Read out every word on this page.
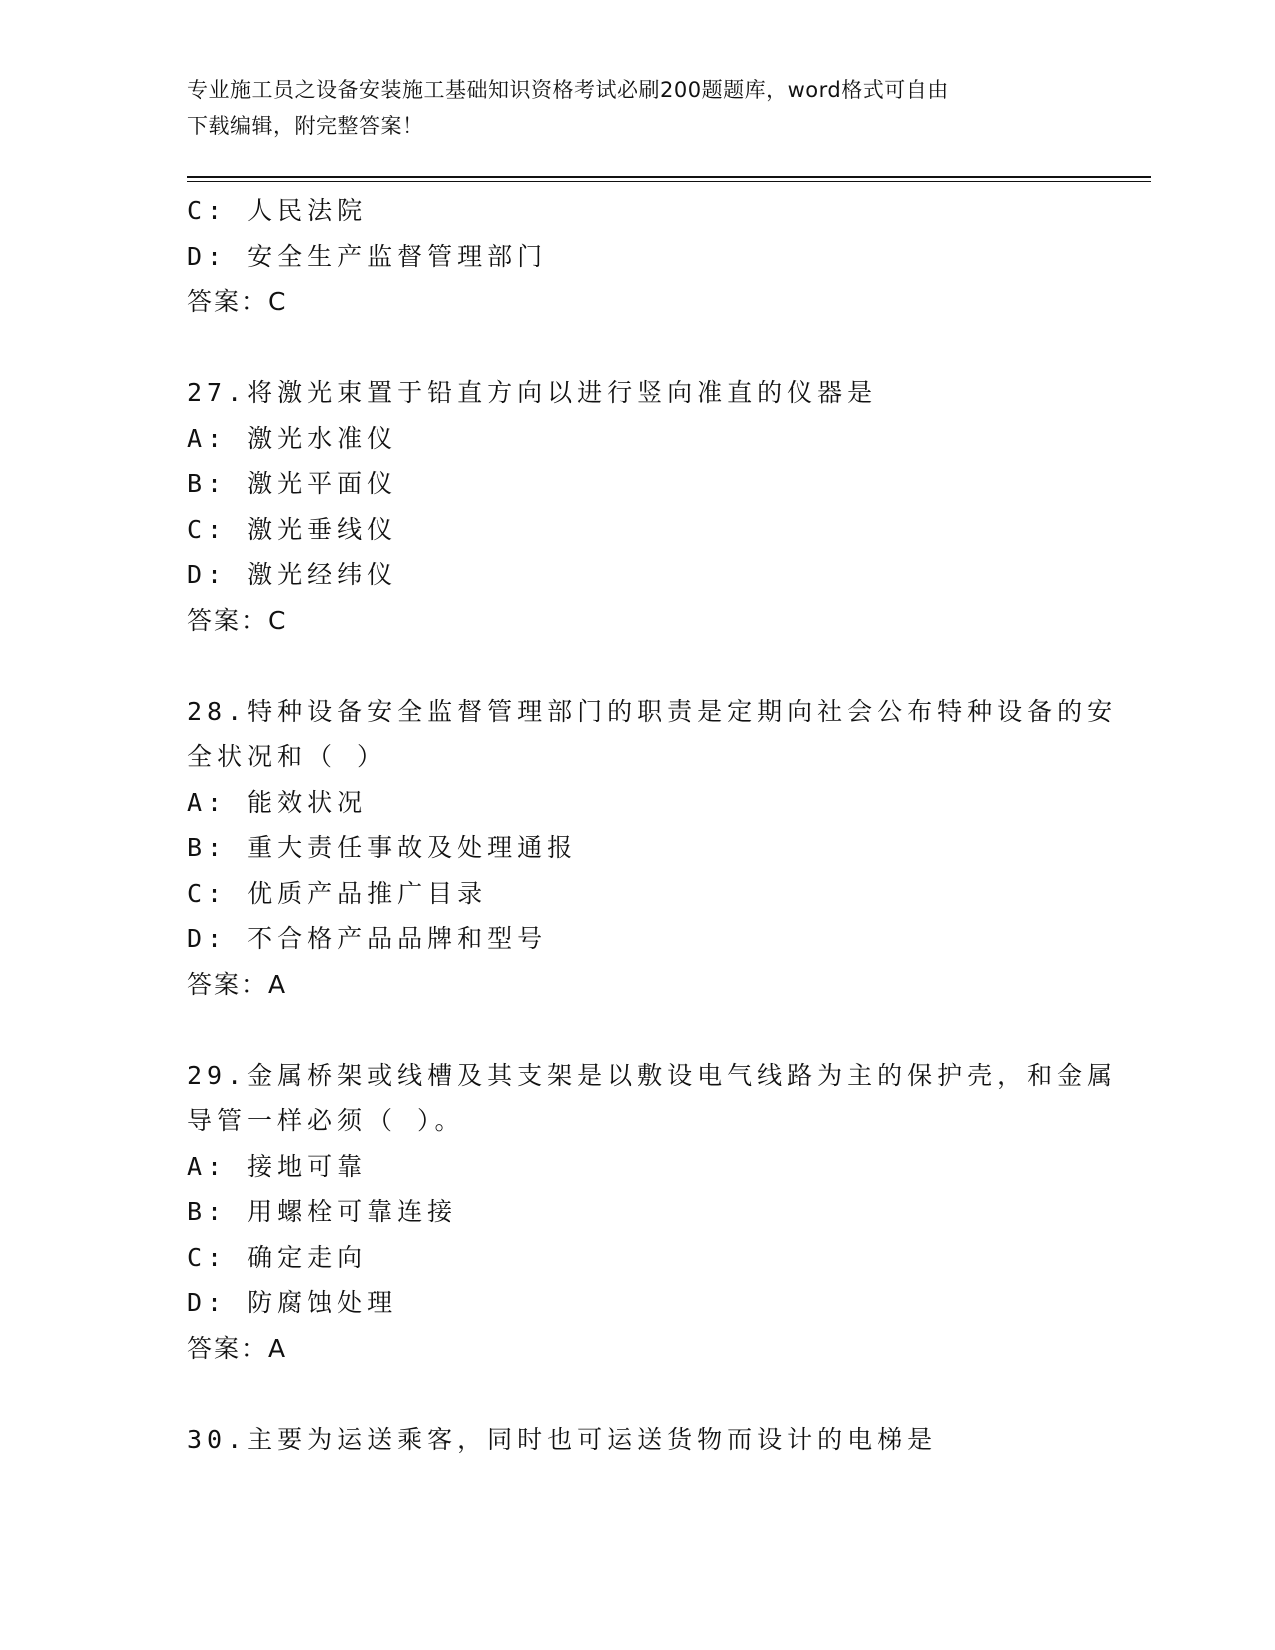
专业施工员之设备安装施工基础知识资格考试必刷200题题库，word格式可自由
下载编辑，附完整答案！
C: 人民法院
D: 安全生产监督管理部门
答案：C
27.将激光束置于铅直方向以进行竖向准直的仪器是
A: 激光水准仪
B: 激光平面仪
C: 激光垂线仪
D: 激光经纬仪
答案：C
28.特种设备安全监督管理部门的职责是定期向社会公布特种设备的安
全状况和（ ）
A: 能效状况
B: 重大责任事故及处理通报
C: 优质产品推广目录
D: 不合格产品品牌和型号
答案：A
29.金属桥架或线槽及其支架是以敷设电气线路为主的保护壳，和金属
导管一样必须（ ）。
A: 接地可靠
B: 用螺栓可靠连接
C: 确定走向
D: 防腐蚀处理
答案：A
30.主要为运送乘客，同时也可运送货物而设计的电梯是
